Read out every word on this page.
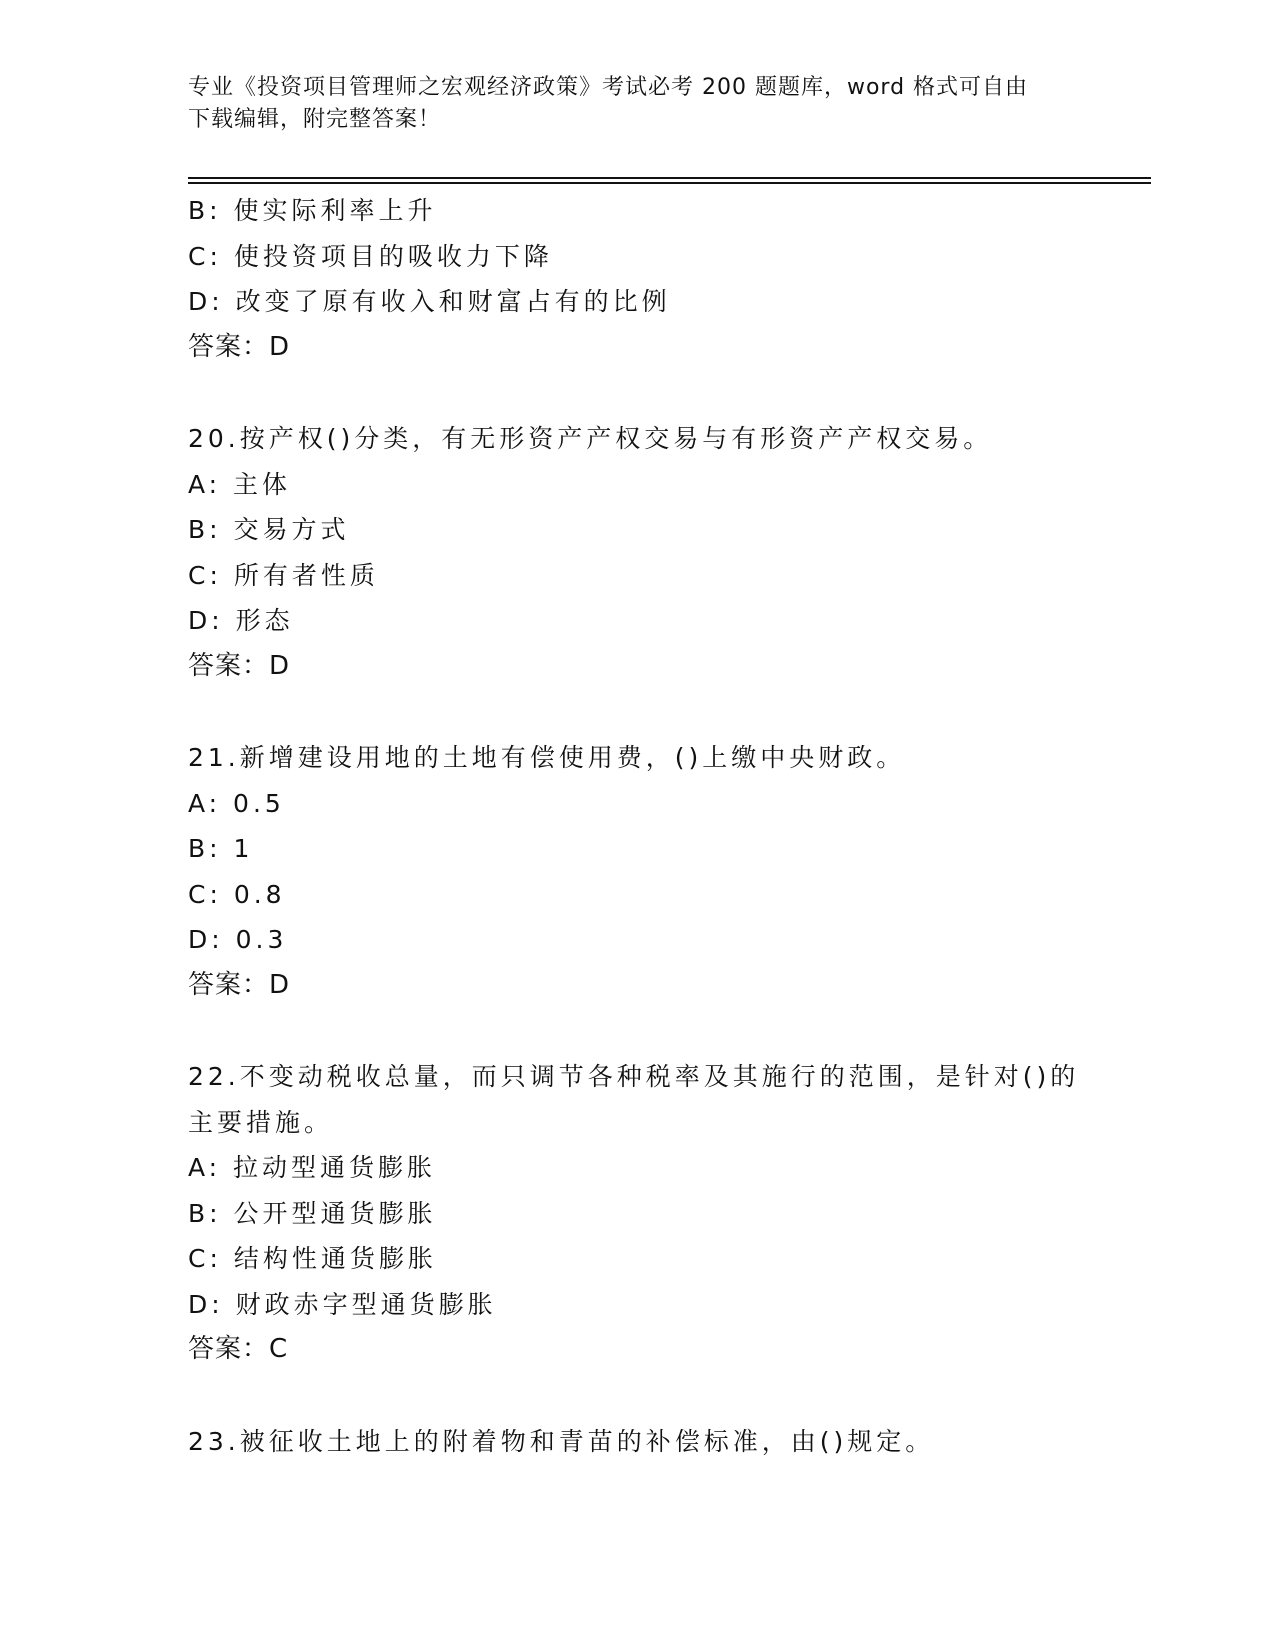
专业《投资项目管理师之宏观经济政策》考试必考 200 题题库，word 格式可自由
下载编辑，附完整答案！
B: 使实际利率上升
C: 使投资项目的吸收力下降
D: 改变了原有收入和财富占有的比例
答案：D
20.按产权()分类，有无形资产产权交易与有形资产产权交易。
A: 主体
B: 交易方式
C: 所有者性质
D: 形态
答案：D
21.新增建设用地的土地有偿使用费，()上缴中央财政。
A: 0.5
B: 1
C: 0.8
D: 0.3
答案：D
22.不变动税收总量，而只调节各种税率及其施行的范围，是针对()的
主要措施。
A: 拉动型通货膨胀
B: 公开型通货膨胀
C: 结构性通货膨胀
D: 财政赤字型通货膨胀
答案：C
23.被征收土地上的附着物和青苗的补偿标准，由()规定。
